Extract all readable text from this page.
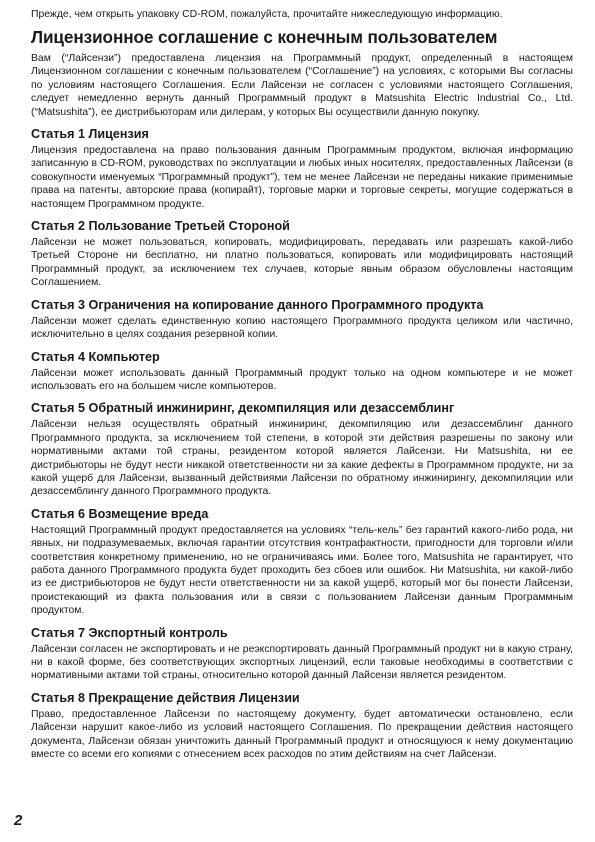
Прежде, чем открыть упаковку CD-ROM, пожалуйста, прочитайте нижеследующую информацию.

Лицензионное соглашение с конечным пользователем

Вам (“Лайсензи”) предоставлена лицензия на Программный продукт, определенный в настоящем Лицензионном соглашении с конечным пользователем (“Соглашение”) на условиях, с которыми Вы согласны по условиям настоящего Соглашения. Если Лайсензи не согласен с условиями настоящего Соглашения, следует немедленно вернуть данный Программный продукт в Matsushita Electric Industrial Co., Ltd. (“Matsushita”), ее дистрибьюторам или дилерам, у которых Вы осуществили данную покупку.

Статья 1 Лицензия

Лицензия предоставлена на право пользования данным Программным продуктом, включая информацию записанную в CD-ROM, руководствах по эксплуатации и любых иных носителях, предоставленных Лайсензи (в совокупности именуемых “Программный продукт”), тем не менее Лайсензи не переданы никакие применимые права на патенты, авторские права (копирайт), торговые марки и торговые секреты, могущие содержаться в настоящем Программном продукте.

Статья 2 Пользование Третьей Стороной

Лайсензи не может пользоваться, копировать, модифицировать, передавать или разрешать какой-либо Третьей Стороне ни бесплатно, ни платно пользоваться, копировать или модифицировать настоящий Программный продукт, за исключением тех случаев, которые явным образом обусловлены настоящим Соглашением.

Статья 3 Ограничения на копирование данного Программного продукта

Лайсензи может сделать единственную копию настоящего Программного продукта целиком или частично, исключительно в целях создания резервной копии.

Статья 4 Компьютер

Лайсензи может использовать данный Программный продукт только на одном компьютере и не может использовать его на большем числе компьютеров.

Статья 5 Обратный инжиниринг, декомпиляция или дезассемблинг

Лайсензи нельзя осуществлять обратный инжиниринг, декомпиляцию или дезассемблинг данного Программного продукта, за исключением той степени, в которой эти действия разрешены по закону или нормативными актами той страны, резидентом которой является Лайсензи. Ни Matsushita, ни ее дистрибьюторы не будут нести никакой ответственности ни за какие дефекты в Программном продукте, ни за какой ущерб для Лайсензи, вызванный действиями Лайсензи по обратному инжинирингу, декомпиляции или дезассемблингу данного Программного продукта.

Статья 6 Возмещение вреда

Настоящий Программный продукт предоставляется на условиях “тель-кель” без гарантий какого-либо рода, ни явных, ни подразумеваемых, включая гарантии отсутствия контрафактности, пригодности для торговли и/или соответствия конкретному применению, но не ограничиваясь ими. Более того, Matsushita не гарантирует, что работа данного Программного продукта будет проходить без сбоев или ошибок. Ни Matsushita, ни какой-либо из ее дистрибьюторов не будут нести ответственности ни за какой ущерб, который мог бы понести Лайсензи, проистекающий из факта пользования или в связи с пользованием Лайсензи данным Программным продуктом.

Статья 7 Экспортный контроль

Лайсензи согласен не экспортировать и не реэкспортировать данный Программный продукт ни в какую страну, ни в какой форме, без соответствующих экспортных лицензий, если таковые необходимы в соответствии с нормативными актами той страны, относительно которой данный Лайсензи является резидентом.

Статья 8 Прекращение действия Лицензии

Право, предоставленное Лайсензи по настоящему документу, будет автоматически остановлено, если Лайсензи нарушит какое-либо из условий настоящего Соглашения. По прекращении действия настоящего документа, Лайсензи обязан уничтожить данный Программный продукт и относящуюся к нему документацию вместе со всеми его копиями с отнесением всех расходов по этим действиям на счет Лайсензи.

2
